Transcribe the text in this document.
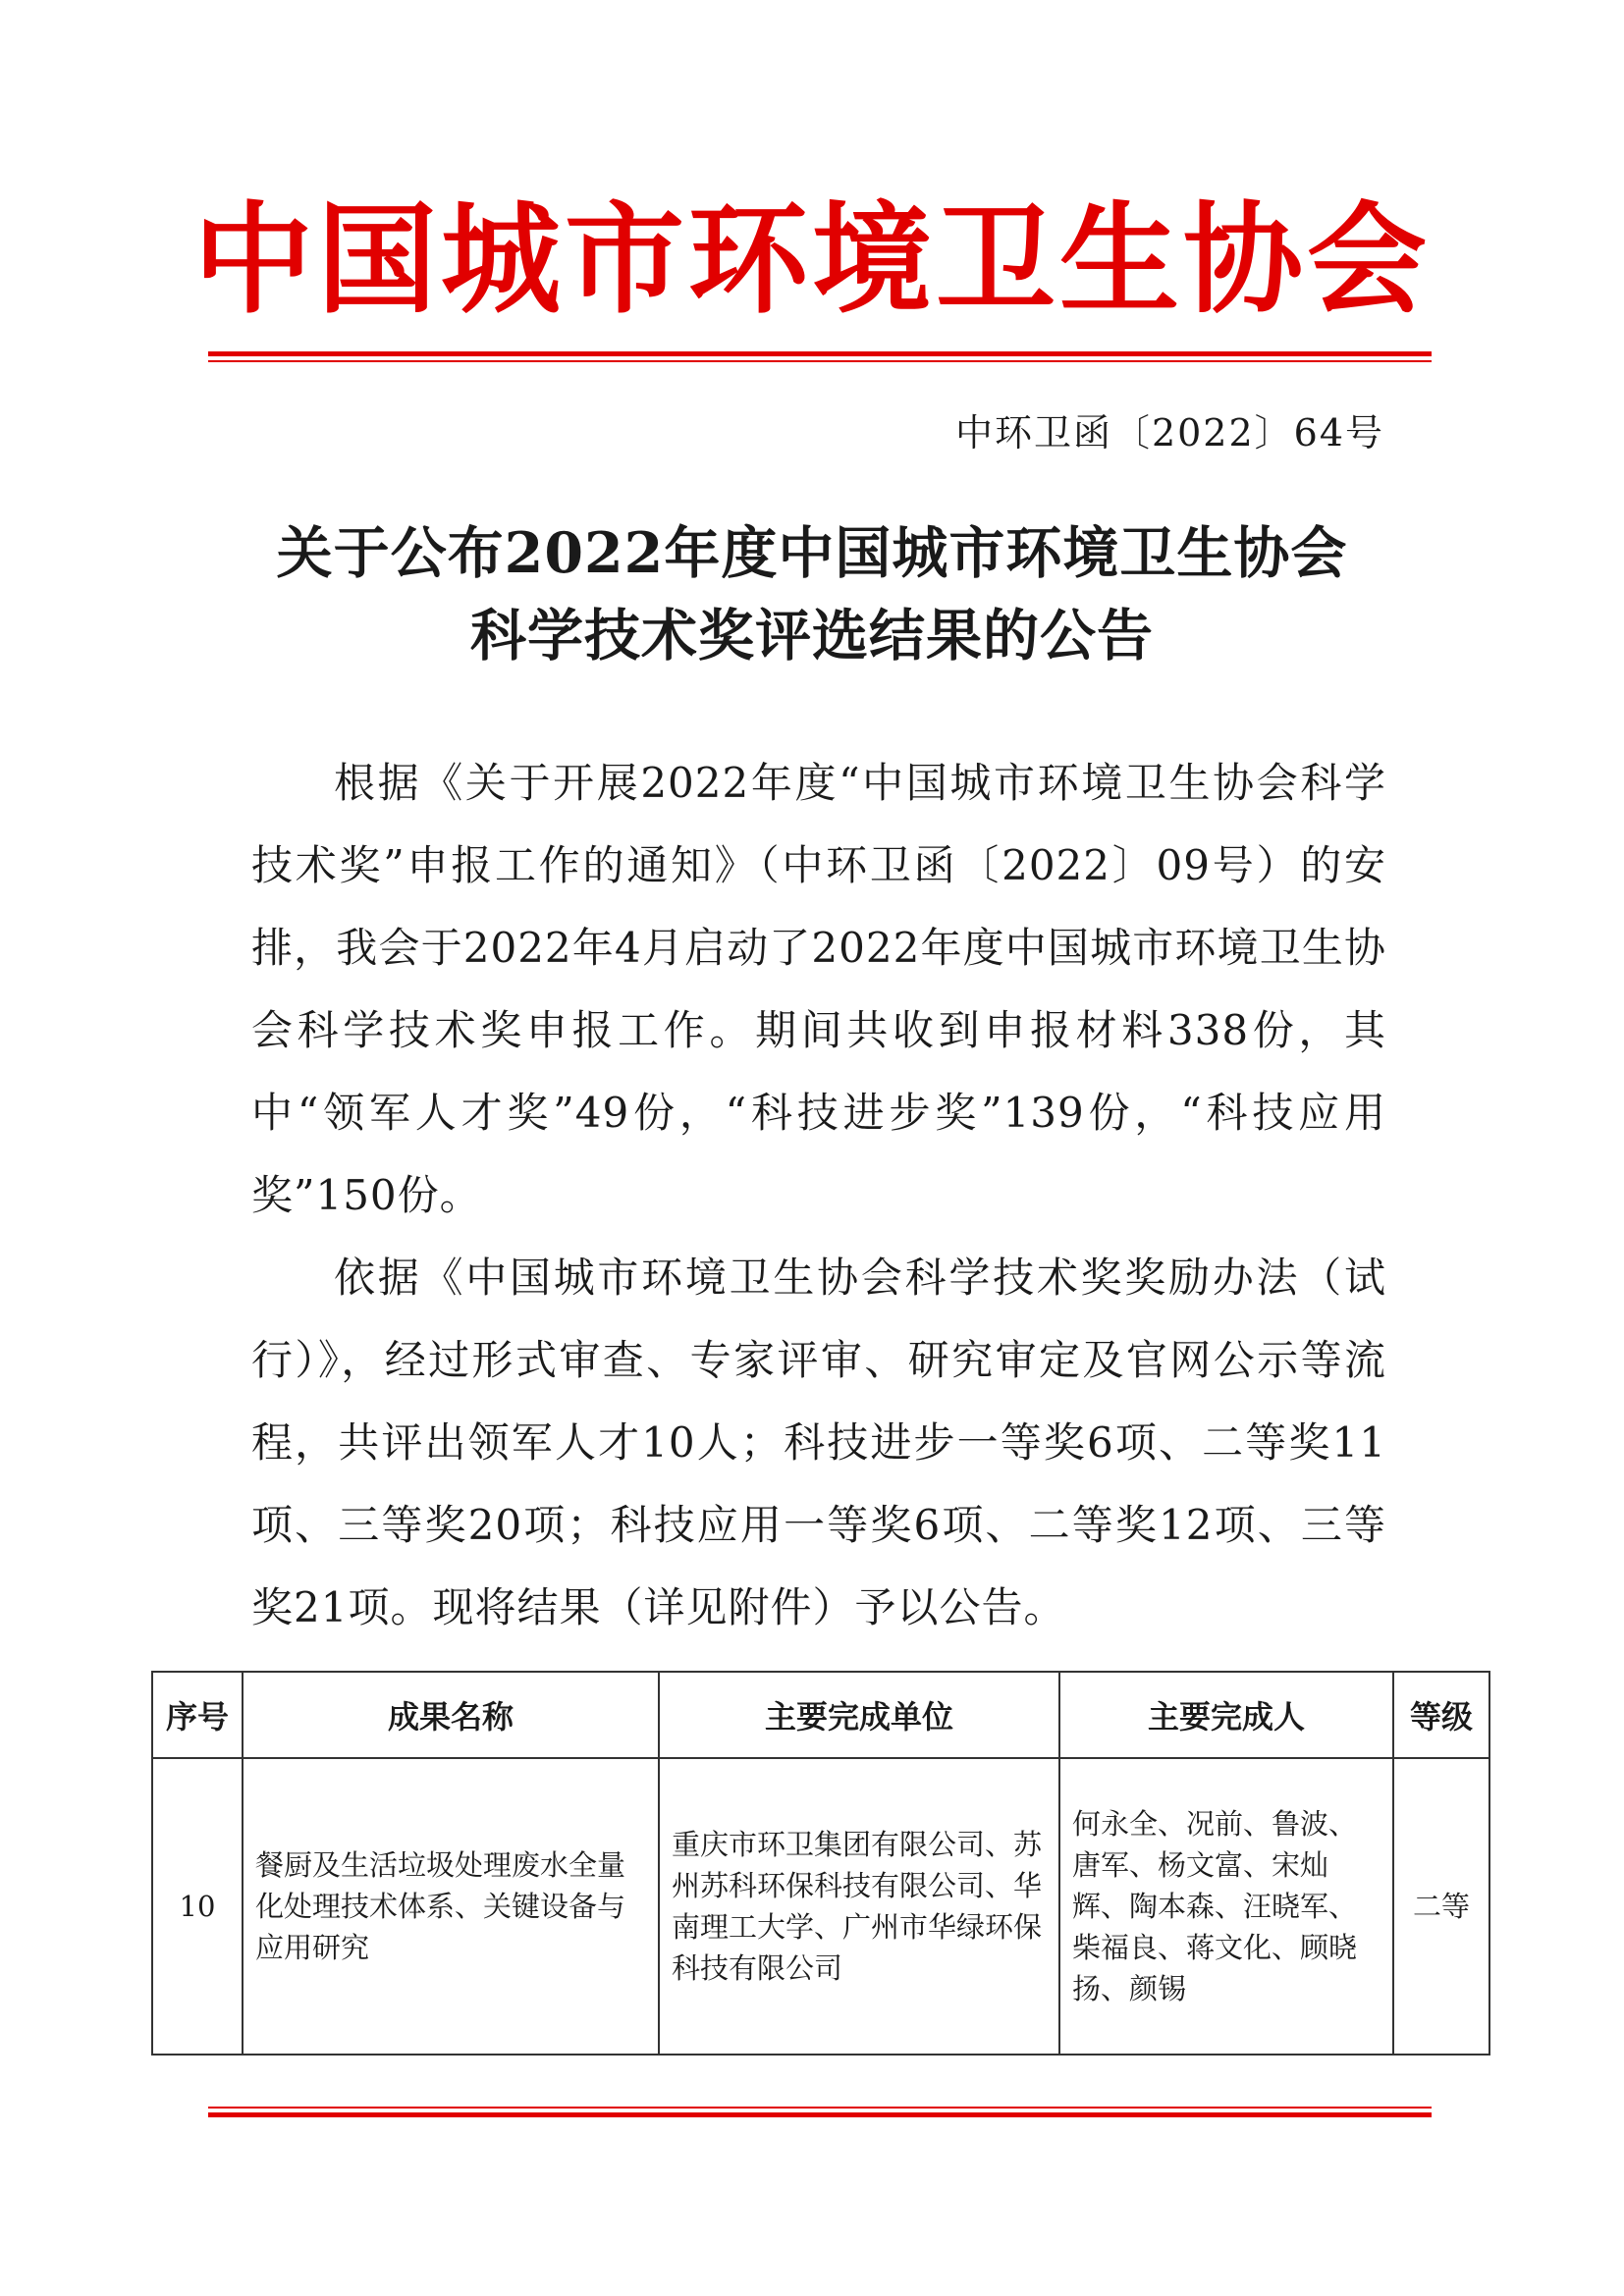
中国城市环境卫生协会
中环卫函〔2022〕64号
关于公布2022年度中国城市环境卫生协会
科学技术奖评选结果的公告

根据《关于开展2022年度“中国城市环境卫生协会科学技术奖”申报工作的通知》（中环卫函〔2022〕09号）的安排，我会于2022年4月启动了2022年度中国城市环境卫生协会科学技术奖申报工作。期间共收到申报材料338份，其中“领军人才奖”49份，“科技进步奖”139份，“科技应用奖”150份。

依据《中国城市环境卫生协会科学技术奖奖励办法（试行）》，经过形式审查、专家评审、研究审定及官网公示等流程，共评出领军人才10人；科技进步一等奖6项、二等奖11项、三等奖20项；科技应用一等奖6项、二等奖12项、三等奖21项。现将结果（详见附件）予以公告。

序号	成果名称	主要完成单位	主要完成人	等级
10	餐厨及生活垃圾处理废水全量化处理技术体系、关键设备与应用研究	重庆市环卫集团有限公司、苏州苏科环保科技有限公司、华南理工大学、广州市华绿环保科技有限公司	何永全、况前、鲁波、唐军、杨文富、宋灿辉、陶本森、汪晓军、柴福良、蒋文化、顾晓扬、颜锡	二等
